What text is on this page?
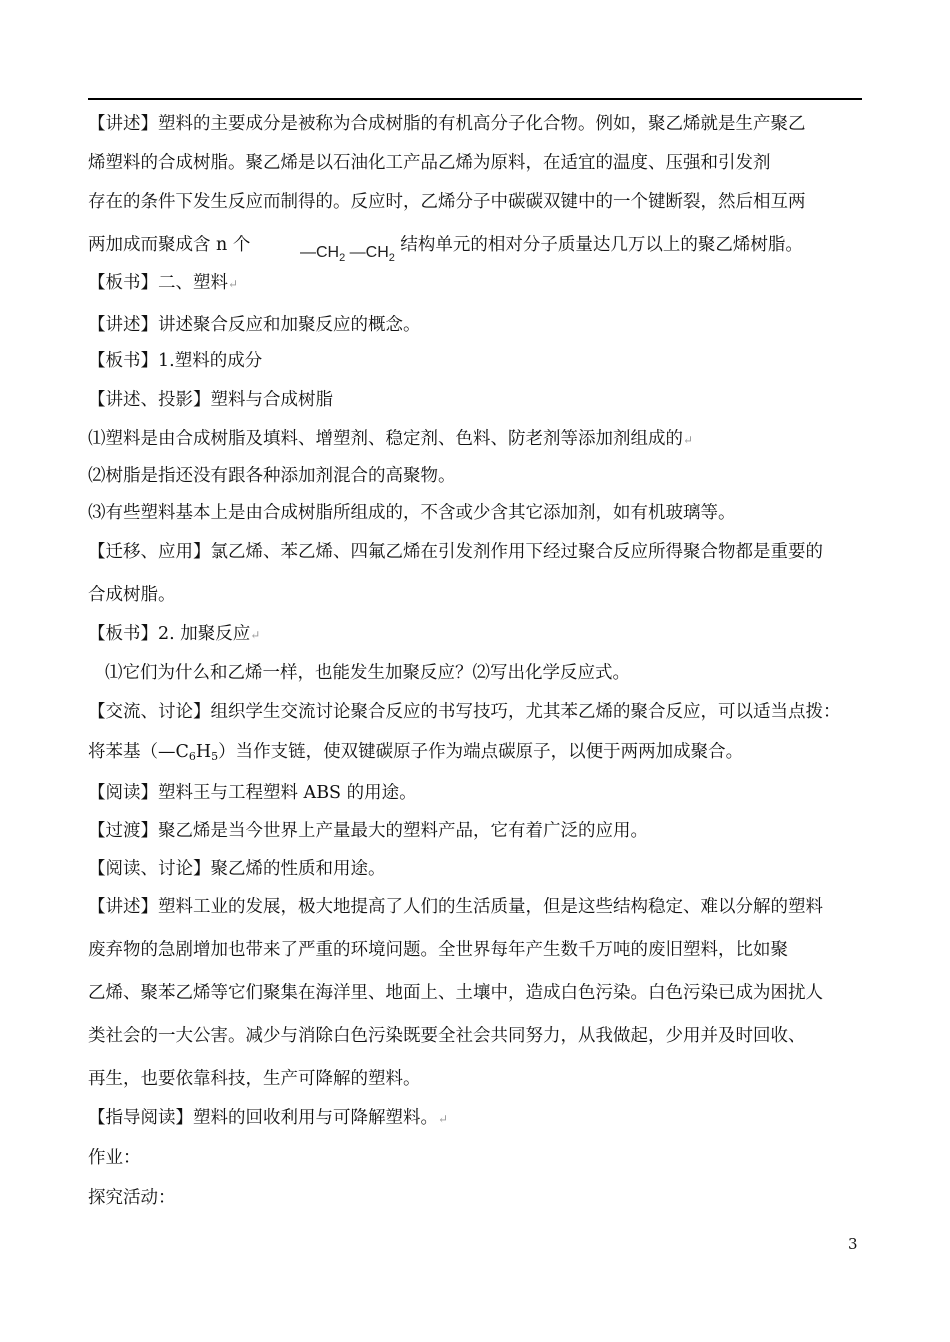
【讲述】塑料的主要成分是被称为合成树脂的有机高分子化合物。例如，聚乙烯就是生产聚乙
烯塑料的合成树脂。聚乙烯是以石油化工产品乙烯为原料，在适宜的温度、压强和引发剂
存在的条件下发生反应而制得的。反应时，乙烯分子中碳碳双键中的一个键断裂，然后相互两
两加成而聚成含 n 个	结构单元的相对分子质量达几万以上的聚乙烯树脂。
$—CH_2$ $—CH_2$
【板书】二、塑料↵
【讲述】讲述聚合反应和加聚反应的概念。
【板书】1.塑料的成分
【讲述、投影】塑料与合成树脂
⑴塑料是由合成树脂及填料、增塑剂、稳定剂、色料、防老剂等添加剂组成的↵
⑵树脂是指还没有跟各种添加剂混合的高聚物。
⑶有些塑料基本上是由合成树脂所组成的，不含或少含其它添加剂，如有机玻璃等。
【迁移、应用】氯乙烯、苯乙烯、四氟乙烯在引发剂作用下经过聚合反应所得聚合物都是重要的
合成树脂。
【板书】2. 加聚反应↵
⑴它们为什么和乙烯一样，也能发生加聚反应？⑵写出化学反应式。
【交流、讨论】组织学生交流讨论聚合反应的书写技巧，尤其苯乙烯的聚合反应，可以适当点拨：
将苯基$(—C_6H_5)$当作支链，使双键碳原子作为端点碳原子，以便于两两加成聚合。
【阅读】塑料王与工程塑料 ABS 的用途。
【过渡】聚乙烯是当今世界上产量最大的塑料产品，它有着广泛的应用。
【阅读、讨论】聚乙烯的性质和用途。
【讲述】塑料工业的发展，极大地提高了人们的生活质量，但是这些结构稳定、难以分解的塑料
废弃物的急剧增加也带来了严重的环境问题。全世界每年产生数千万吨的废旧塑料，比如聚
乙烯、聚苯乙烯等它们聚集在海洋里、地面上、土壤中，造成白色污染。白色污染已成为困扰人
类社会的一大公害。减少与消除白色污染既要全社会共同努力，从我做起，少用并及时回收、
再生，也要依靠科技，生产可降解的塑料。
【指导阅读】塑料的回收利用与可降解塑料。↵
作业：
探究活动：
3
